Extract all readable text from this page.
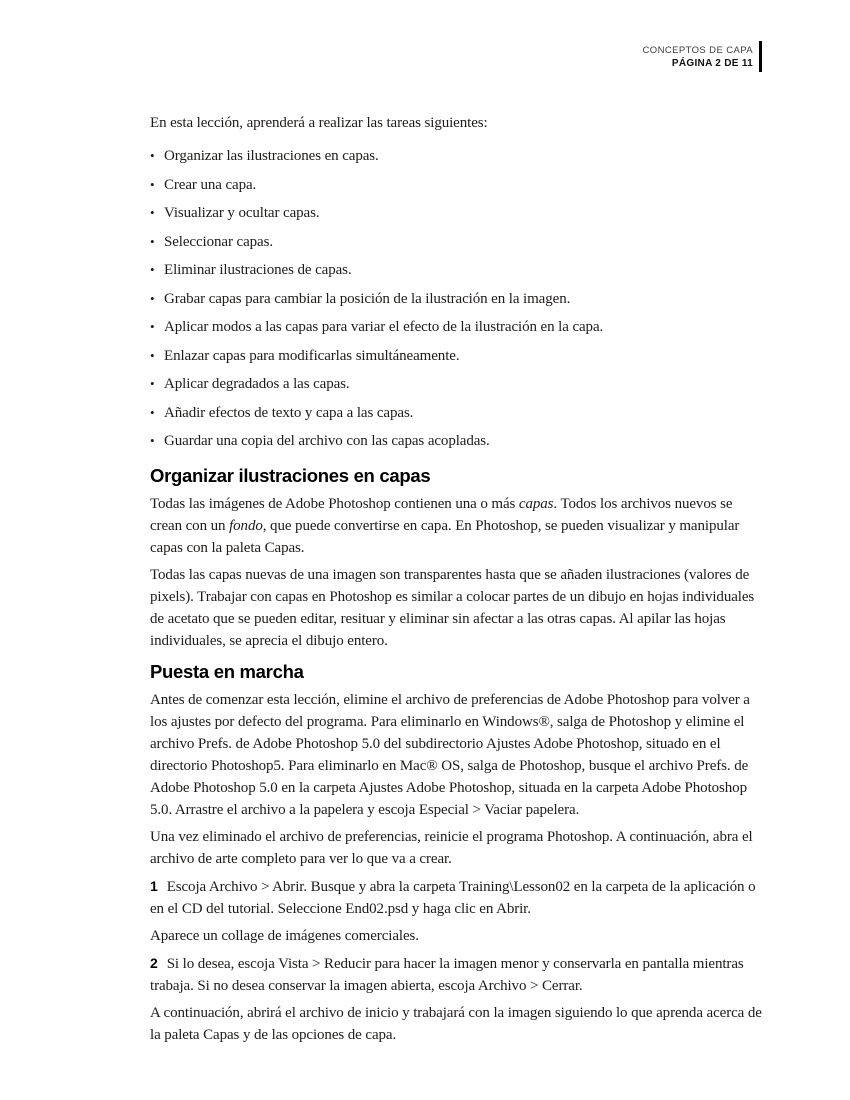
CONCEPTOS DE CAPA
PÁGINA 2 DE 11

En esta lección, aprenderá a realizar las tareas siguientes:

• Organizar las ilustraciones en capas.
• Crear una capa.
• Visualizar y ocultar capas.
• Seleccionar capas.
• Eliminar ilustraciones de capas.
• Grabar capas para cambiar la posición de la ilustración en la imagen.
• Aplicar modos a las capas para variar el efecto de la ilustración en la capa.
• Enlazar capas para modificarlas simultáneamente.
• Aplicar degradados a las capas.
• Añadir efectos de texto y capa a las capas.
• Guardar una copia del archivo con las capas acopladas.
Organizar ilustraciones en capas

Todas las imágenes de Adobe Photoshop contienen una o más capas. Todos los archivos nuevos se crean con un fondo, que puede convertirse en capa. En Photoshop, se pueden visualizar y manipular capas con la paleta Capas.

Todas las capas nuevas de una imagen son transparentes hasta que se añaden ilustraciones (valores de pixels). Trabajar con capas en Photoshop es similar a colocar partes de un dibujo en hojas individuales de acetato que se pueden editar, resituar y eliminar sin afectar a las otras capas. Al apilar las hojas individuales, se aprecia el dibujo entero.

Puesta en marcha

Antes de comenzar esta lección, elimine el archivo de preferencias de Adobe Photoshop para volver a los ajustes por defecto del programa. Para eliminarlo en Windows®, salga de Photoshop y elimine el archivo Prefs. de Adobe Photoshop 5.0 del subdirectorio Ajustes Adobe Photoshop, situado en el directorio Photoshop5. Para eliminarlo en Mac® OS, salga de Photoshop, busque el archivo Prefs. de Adobe Photoshop 5.0 en la carpeta Ajustes Adobe Photoshop, situada en la carpeta Adobe Photoshop 5.0. Arrastre el archivo a la papelera y escoja Especial > Vaciar papelera.

Una vez eliminado el archivo de preferencias, reinicie el programa Photoshop. A continuación, abra el archivo de arte completo para ver lo que va a crear.

1 Escoja Archivo > Abrir. Busque y abra la carpeta Training\Lesson02 en la carpeta de la aplicación o en el CD del tutorial. Seleccione End02.psd y haga clic en Abrir.

Aparece un collage de imágenes comerciales.

2 Si lo desea, escoja Vista > Reducir para hacer la imagen menor y conservarla en pantalla mientras trabaja. Si no desea conservar la imagen abierta, escoja Archivo > Cerrar.

A continuación, abrirá el archivo de inicio y trabajará con la imagen siguiendo lo que aprenda acerca de la paleta Capas y de las opciones de capa.
